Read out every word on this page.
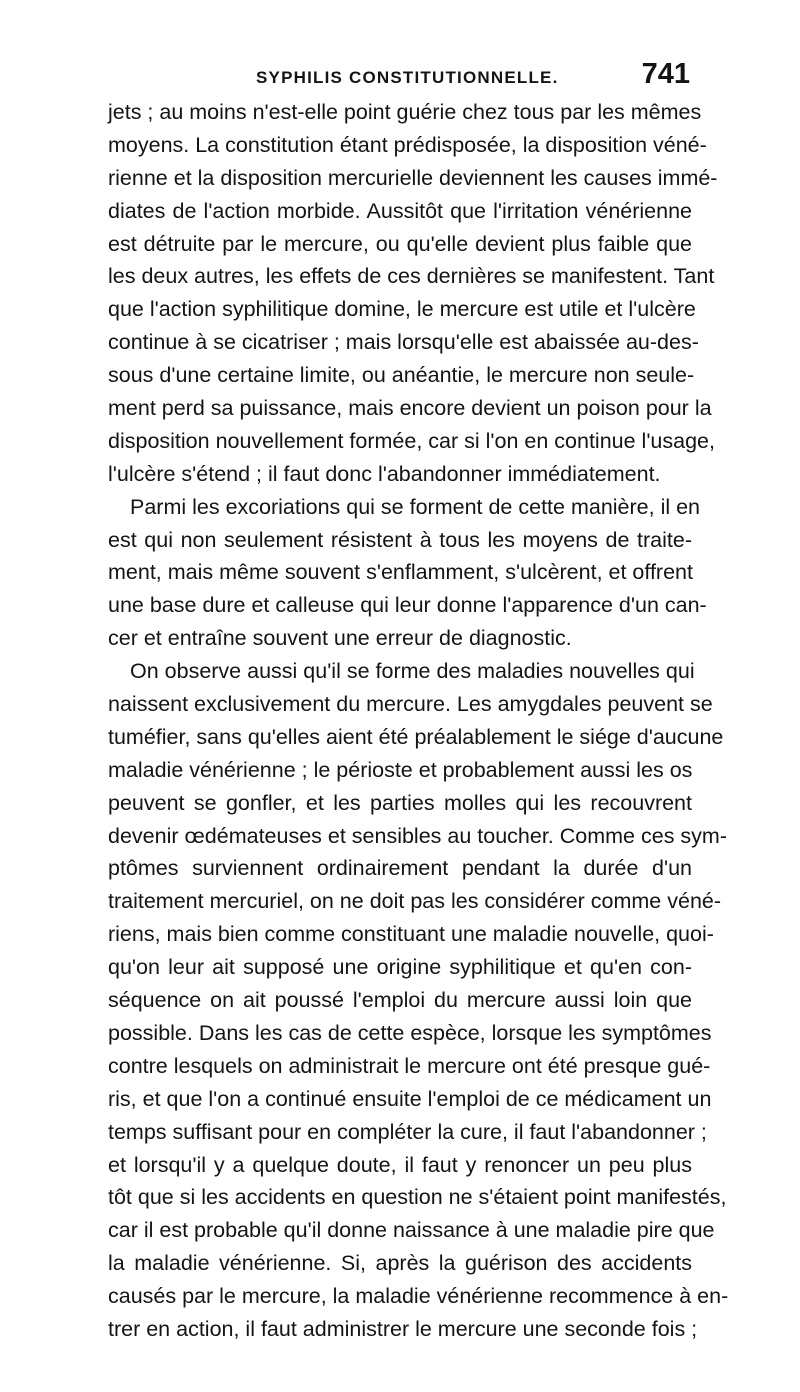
SYPHILIS CONSTITUTIONNELLE.	741
jets ; au moins n'est-elle point guérie chez tous par les mêmes
moyens. La constitution étant prédisposée, la disposition véné-
rienne et la disposition mercurielle deviennent les causes immé-
diates de l'action morbide. Aussitôt que l'irritation vénérienne
est détruite par le mercure, ou qu'elle devient plus faible que
les deux autres, les effets de ces dernières se manifestent. Tant
que l'action syphilitique domine, le mercure est utile et l'ulcère
continue à se cicatriser ; mais lorsqu'elle est abaissée au-des-
sous d'une certaine limite, ou anéantie, le mercure non seule-
ment perd sa puissance, mais encore devient un poison pour la
disposition nouvellement formée, car si l'on en continue l'usage,
l'ulcère s'étend ; il faut donc l'abandonner immédiatement.
Parmi les excoriations qui se forment de cette manière, il en
est qui non seulement résistent à tous les moyens de traite-
ment, mais même souvent s'enflamment, s'ulcèrent, et offrent
une base dure et calleuse qui leur donne l'apparence d'un can-
cer et entraîne souvent une erreur de diagnostic.
On observe aussi qu'il se forme des maladies nouvelles qui
naissent exclusivement du mercure. Les amygdales peuvent se
tuméfier, sans qu'elles aient été préalablement le siége d'aucune
maladie vénérienne ; le périoste et probablement aussi les os
peuvent se gonfler, et les parties molles qui les recouvrent
devenir œdémateuses et sensibles au toucher. Comme ces sym-
ptômes surviennent ordinairement pendant la durée d'un
traitement mercuriel, on ne doit pas les considérer comme véné-
riens, mais bien comme constituant une maladie nouvelle, quoi-
qu'on leur ait supposé une origine syphilitique et qu'en con-
séquence on ait poussé l'emploi du mercure aussi loin que
possible. Dans les cas de cette espèce, lorsque les symptômes
contre lesquels on administrait le mercure ont été presque gué-
ris, et que l'on a continué ensuite l'emploi de ce médicament un
temps suffisant pour en compléter la cure, il faut l'abandonner ;
et lorsqu'il y a quelque doute, il faut y renoncer un peu plus
tôt que si les accidents en question ne s'étaient point manifestés,
car il est probable qu'il donne naissance à une maladie pire que
la maladie vénérienne. Si, après la guérison des accidents
causés par le mercure, la maladie vénérienne recommence à en-
trer en action, il faut administrer le mercure une seconde fois ;
